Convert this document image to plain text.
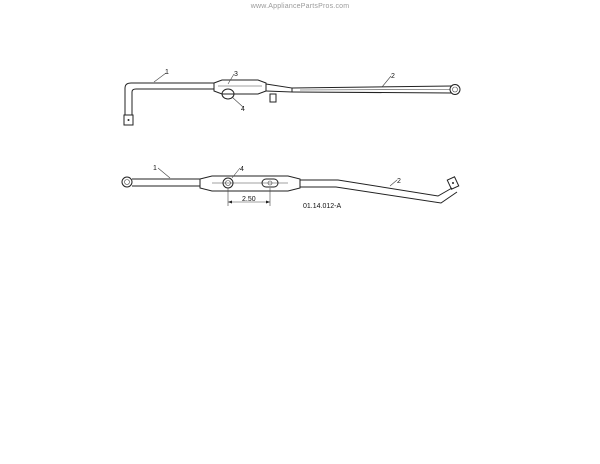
www.AppliancePartsPros.com
1	3
4
2
2.50
1	4
2
01.14.012-A
